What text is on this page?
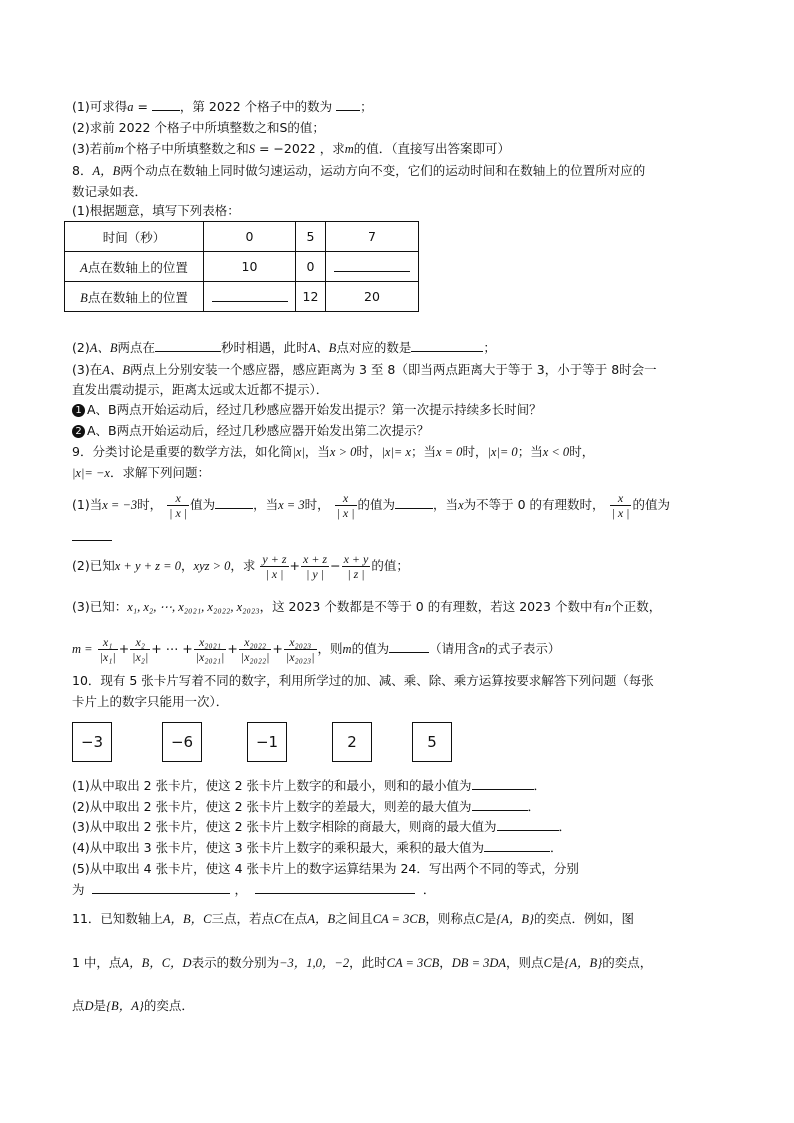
(1)可求得a = ，第 2022 个格子中的数为 ；
(2)求前 2022 个格子中所填整数之和S的值；
(3)若前m个格子中所填整数之和S = −2022 ，求m的值．（直接写出答案即可）
8．A，B两个动点在数轴上同时做匀速运动，运动方向不变，它们的运动时间和在数轴上的位置所对应的
数记录如表．
(1)根据题意，填写下列表格：
时间（秒）	0	5	7
A点在数轴上的位置	10	0	
B点在数轴上的位置		12	20
(2)A、B两点在	秒时相遇，此时A、B点对应的数是	；
(3)在A、B两点上分别安装一个感应器，感应距离为 3 至 8（即当两点距离大于等于 3，小于等于 8时会一
直发出震动提示，距离太远或太近都不提示）．
1 A、B两点开始运动后，经过几秒感应器开始发出提示？第一次提示持续多长时间？
2 A、B两点开始运动后，经过几秒感应器开始发出第二次提示？
9．分类讨论是重要的数学方法，如化简|x|，当x > 0时，|x|= x；当x = 0时，|x|= 0；当x < 0时，
|x|= −x．求解下列问题：
(1)当x = −3时， $\frac{x}{| x |}$ 值为	，当x = 3时， $\frac{x}{| x |}$ 的值为	，当x为不等于 0 的有理数时， $\frac{x}{| x |}$ 的值为
(2)已知x + y + z = 0，xyz > 0，求 $\frac{y + z}{| x |} + \frac{x + z}{| y |} - \frac{x + y}{| z |}$ 的值；
(3)已知：x₁, x₂, ⋯, x₂₀₂₁, x₂₀₂₂, x₂₀₂₃，这 2023 个数都是不等于 0 的有理数，若这 2023 个数中有n个正数，
$m = \frac{\text{x₁}}{\text{|x₁|}} + \frac{\text{x₂}}{\text{|x₂|}}$ + ⋯ + $\frac{\text{x₂₀₂₁}}{\text{|x₂₀₂₁|}} + \frac{\text{x₂₀₂₂}}{\text{|x₂₀₂₂|}} + \frac{\text{x₂₀₂₃}}{\text{|x₂₀₂₃|}}$ ，则m的值为	（请用含n的式子表示）
10．现有 5 张卡片写着不同的数字，利用所学过的加、减、乘、除、乘方运算按要求解答下列问题（每张
卡片上的数字只能用一次）．
−3	−6	−1	2	5
(1)从中取出 2 张卡片，使这 2 张卡片上数字的和最小，则和的最小值为	．
(2)从中取出 2 张卡片，使这 2 张卡片上数字的差最大，则差的最大值为	．
(3)从中取出 2 张卡片，使这 2 张卡片上数字相除的商最大，则商的最大值为	．
(4)从中取出 3 张卡片，使这 3 张卡片上数字的乘积最大，乘积的最大值为	．
(5)从中取出 4 张卡片，使这 4 张卡片上的数字运算结果为 24．写出两个不同的等式，分别
为	，	．
11．已知数轴上A，B，C三点，若点C在点A，B之间且CA = 3CB，则称点C是{A，B}的奕点．例如，图
1 中，点A，B，C，D表示的数分别为−3，1,0，−2，此时CA = 3CB，DB = 3DA，则点C是{A，B}的奕点，
点D是{B，A}的奕点．
